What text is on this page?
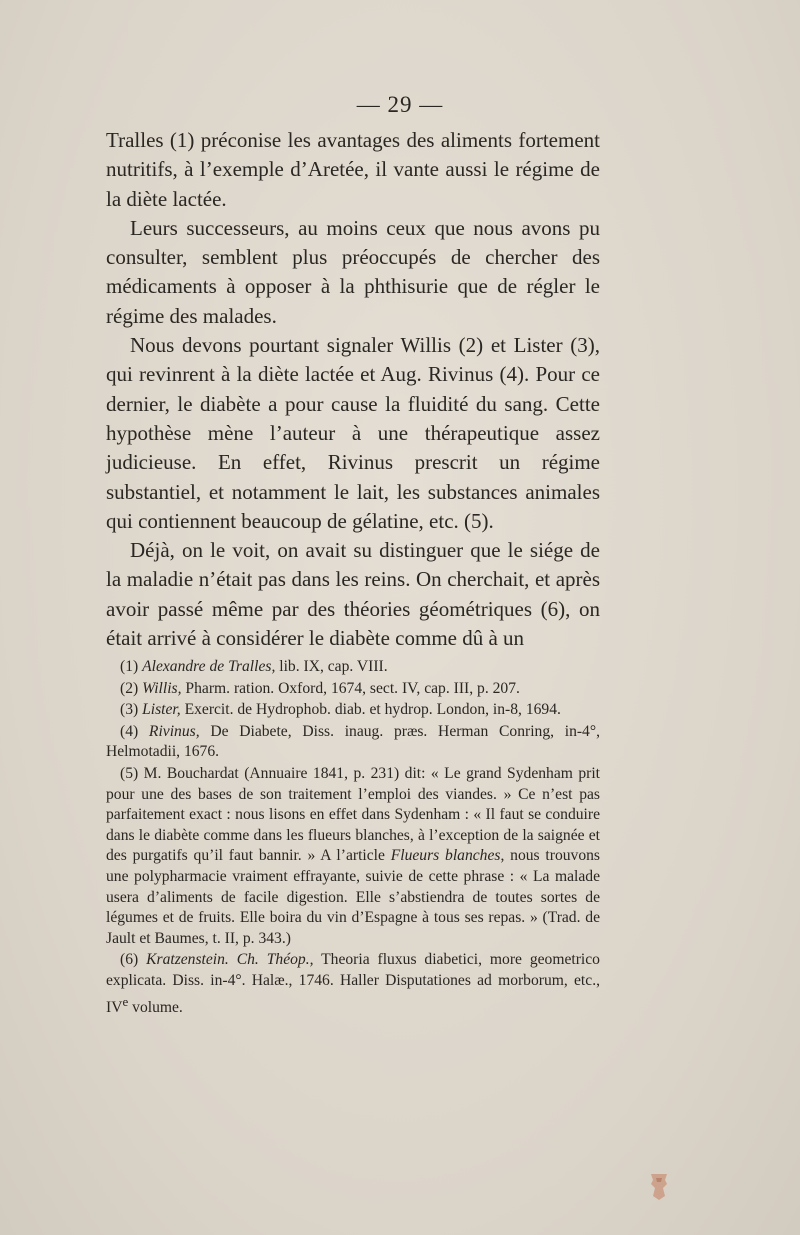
— 29 —

Tralles (1) préconise les avantages des aliments fortement nutritifs, à l’exemple d’Aretée, il vante aussi le régime de la diète lactée.

Leurs successeurs, au moins ceux que nous avons pu consulter, semblent plus préoccupés de chercher des médicaments à opposer à la phthisurie que de régler le régime des malades.

Nous devons pourtant signaler Willis (2) et Lister (3), qui revinrent à la diète lactée et Aug. Rivinus (4). Pour ce dernier, le diabète a pour cause la fluidité du sang. Cette hypothèse mène l’auteur à une thérapeutique assez judicieuse. En effet, Rivinus prescrit un régime substantiel, et notamment le lait, les substances animales qui contiennent beaucoup de gélatine, etc. (5).

Déjà, on le voit, on avait su distinguer que le siége de la maladie n’était pas dans les reins. On cherchait, et après avoir passé même par des théories géométriques (6), on était arrivé à considérer le diabète comme dû à un

(1) Alexandre de Tralles, lib. IX, cap. VIII.

(2) Willis, Pharm. ration. Oxford, 1674, sect. IV, cap. III, p. 207.

(3) Lister, Exercit. de Hydrophob. diab. et hydrop. London, in-8, 1694.

(4) Rivinus, De Diabete, Diss. inaug. præs. Herman Conring, in-4°, Helmotadii, 1676.

(5) M. Bouchardat (Annuaire 1841, p. 231) dit: « Le grand Sydenham prit pour une des bases de son traitement l’emploi des viandes. » Ce n’est pas parfaitement exact : nous lisons en effet dans Sydenham : « Il faut se conduire dans le diabète comme dans les flueurs blanches, à l’exception de la saignée et des purgatifs qu’il faut bannir. » A l’article Flueurs blanches, nous trouvons une polypharmacie vraiment effrayante, suivie de cette phrase : « La malade usera d’aliments de facile digestion. Elle s’abstiendra de toutes sortes de légumes et de fruits. Elle boira du vin d’Espagne à tous ses repas. » (Trad. de Jault et Baumes, t. II, p. 343.)

(6) Kratzenstein. Ch. Théop., Theoria fluxus diabetici, more geometrico explicata. Diss. in-4°. Halæ., 1746. Haller Disputationes ad morborum, etc., IVe volume.
